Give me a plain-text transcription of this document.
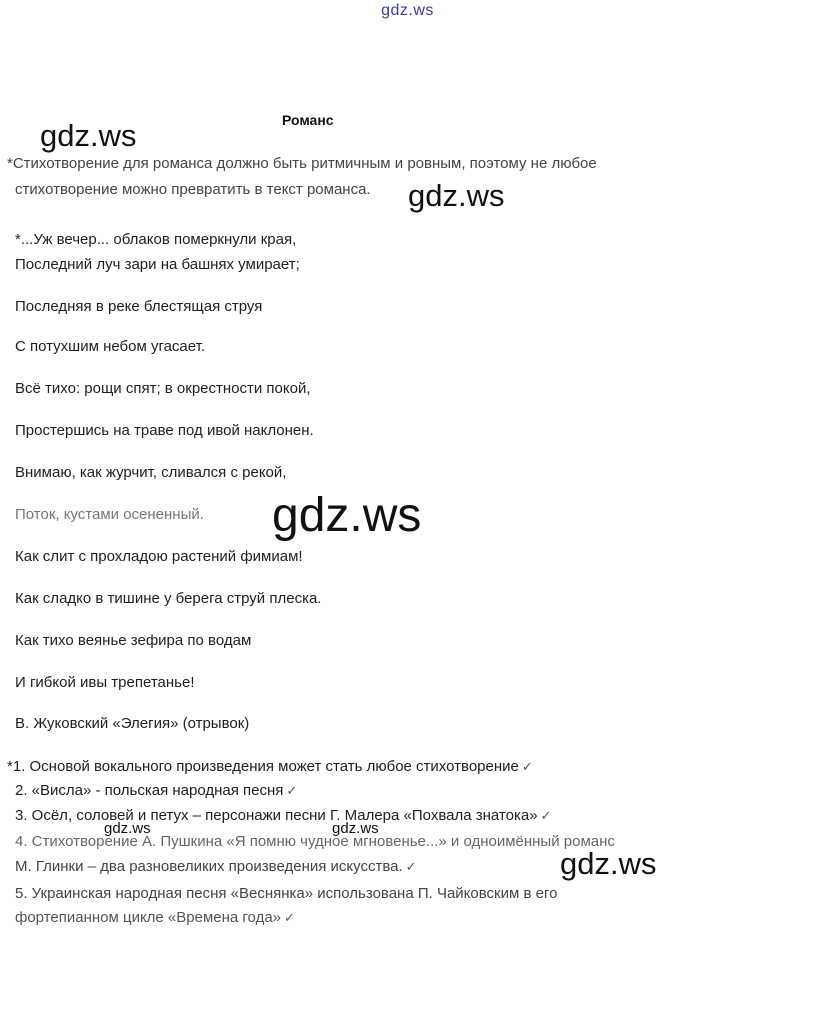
gdz.ws
Романс
*Стихотворение для романса должно быть ритмичным и ровным, поэтому не любое
стихотворение можно превратить в текст романса.
*...Уж вечер... облаков померкнули края,
Последний луч зари на башнях умирает;
Последняя в реке блестящая струя
С потухшим небом угасает.
Всё тихо: рощи спят; в окрестности покой,
Простершись на траве под ивой наклонен.
Внимаю, как журчит, сливался с рекой,
Поток, кустами осененный.
Как слит с прохладою растений фимиам!
Как сладко в тишине у берега струй плеска.
Как тихо веянье зефира по водам
И гибкой ивы трепетанье!
В. Жуковский «Элегия» (отрывок)
*1. Основой вокального произведения может стать любое стихотворение ✓
2. «Висла» - польская народная песня ✓
3. Осёл, соловей и петух – персонажи песни Г. Малера «Похвала знатока» ✓
4. Стихотворение А. Пушкина «Я помню чудное мгновенье...» и одноимённый романс
М. Глинки – два разновеликих произведения искусства. ✓
5. Украинская народная песня «Веснянка» использована П. Чайковским в его
фортепианном цикле «Времена года» ✓
gdz.ws
gdz.ws
gdz.ws
gdz.ws	gdz.ws
gdz.ws
